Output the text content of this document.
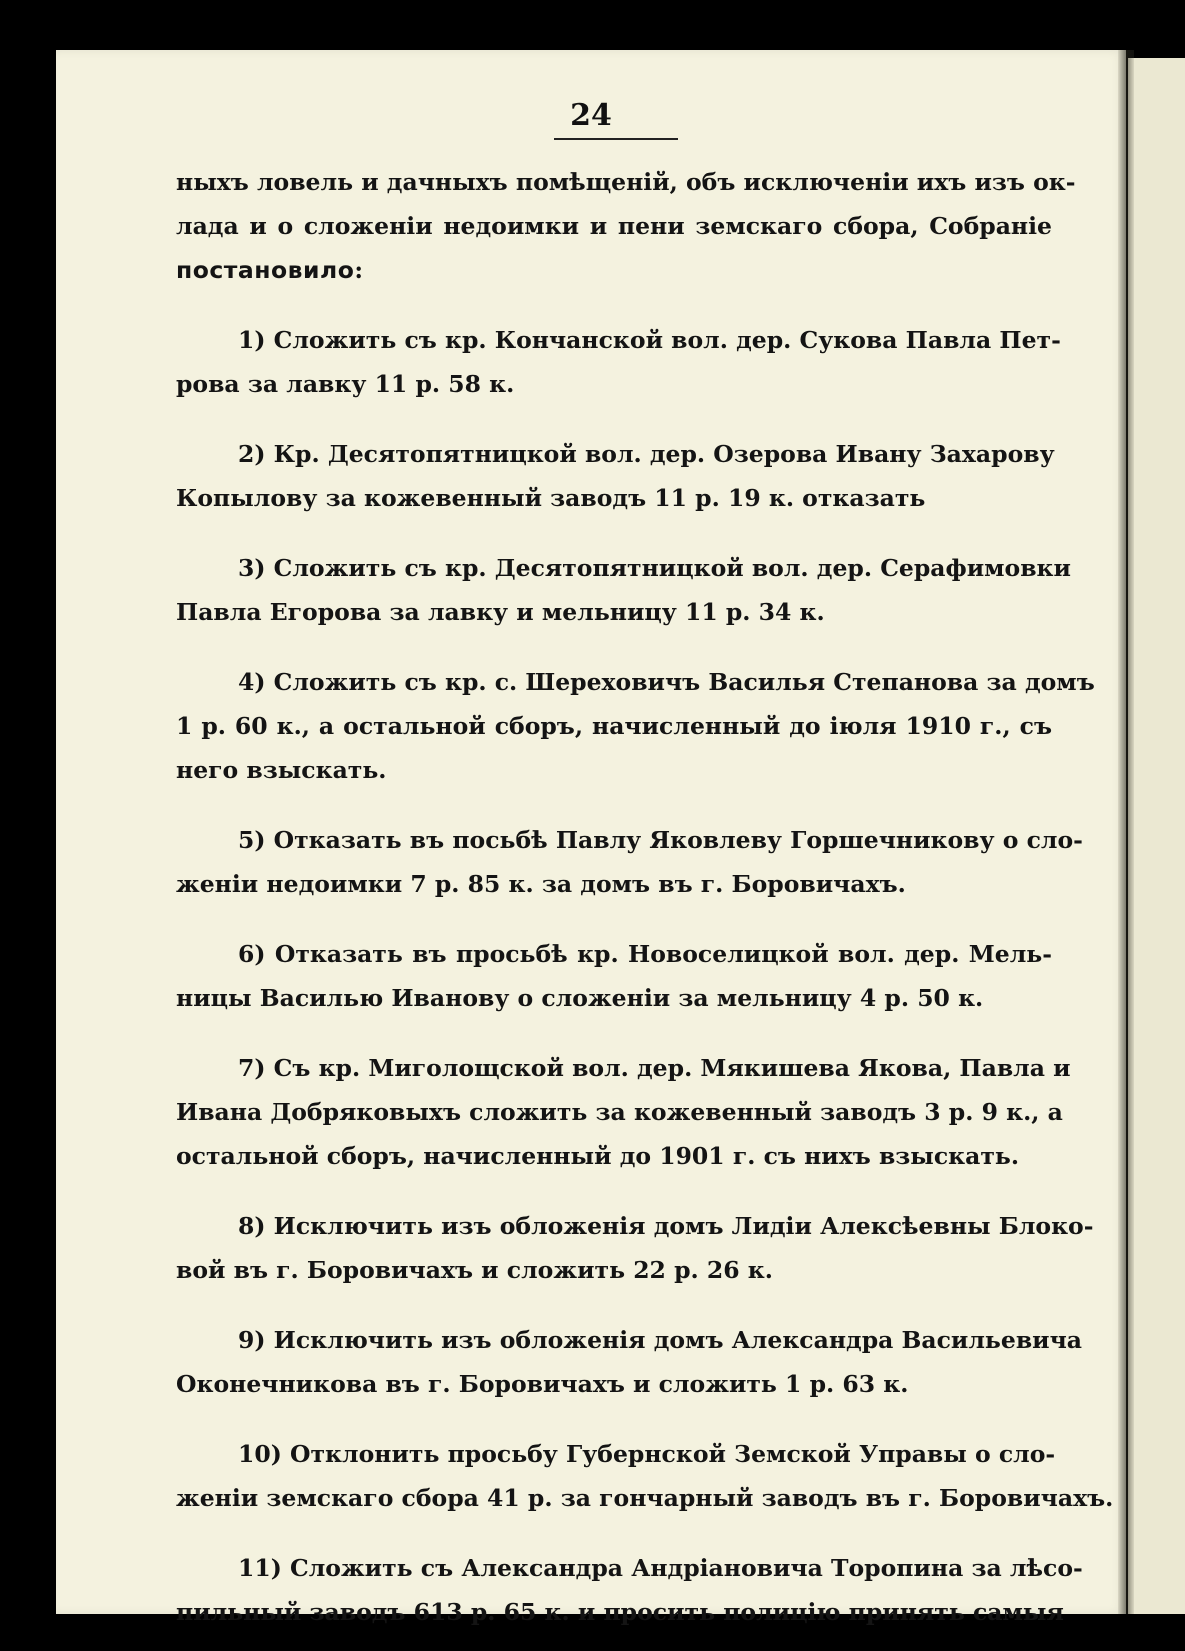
24
ныхъ ловель и дачныхъ помѣщеній, объ исключеніи ихъ изъ ок-
лада и о сложеніи недоимки и пени земскаго сбора, Собраніе
постановило:
1) Сложить съ кр. Кончанской вол. дер. Сукова Павла Пет-
рова за лавку 11 р. 58 к.
2) Кр. Десятопятницкой вол. дер. Озерова Ивану Захарову
Копылову за кожевенный заводъ 11 р. 19 к. отказать
3) Сложить съ кр. Десятопятницкой вол. дер. Серафимовки
Павла Егорова за лавку и мельницу 11 р. 34 к.
4) Сложить съ кр. с. Шереховичъ Василья Степанова за домъ
1 р. 60 к., а остальной сборъ, начисленный до іюля 1910 г., съ
него взыскать.
5) Отказать въ посьбѣ Павлу Яковлеву Горшечникову о сло-
женіи недоимки 7 р. 85 к. за домъ въ г. Боровичахъ.
6) Отказать въ просьбѣ кр. Новоселицкой вол. дер. Мель-
ницы Василью Иванову о сложеніи за мельницу 4 р. 50 к.
7) Съ кр. Миголощской вол. дер. Мякишева Якова, Павла и
Ивана Добряковыхъ сложить за кожевенный заводъ 3 р. 9 к., а
остальной сборъ, начисленный до 1901 г. съ нихъ взыскать.
8) Исключить изъ обложенія домъ Лидіи Алексѣевны Блоко-
вой въ г. Боровичахъ и сложить 22 р. 26 к.
9) Исключить изъ обложенія домъ Александра Васильевича
Оконечникова въ г. Боровичахъ и сложить 1 р. 63 к.
10) Отклонить просьбу Губернской Земской Управы о сло-
женіи земскаго сбора 41 р. за гончарный заводъ въ г. Боровичахъ.
11) Сложить съ Александра Андріановича Торопина за лѣсо-
пильный заводъ 613 р. 65 к. и просить полицію принять самыя
